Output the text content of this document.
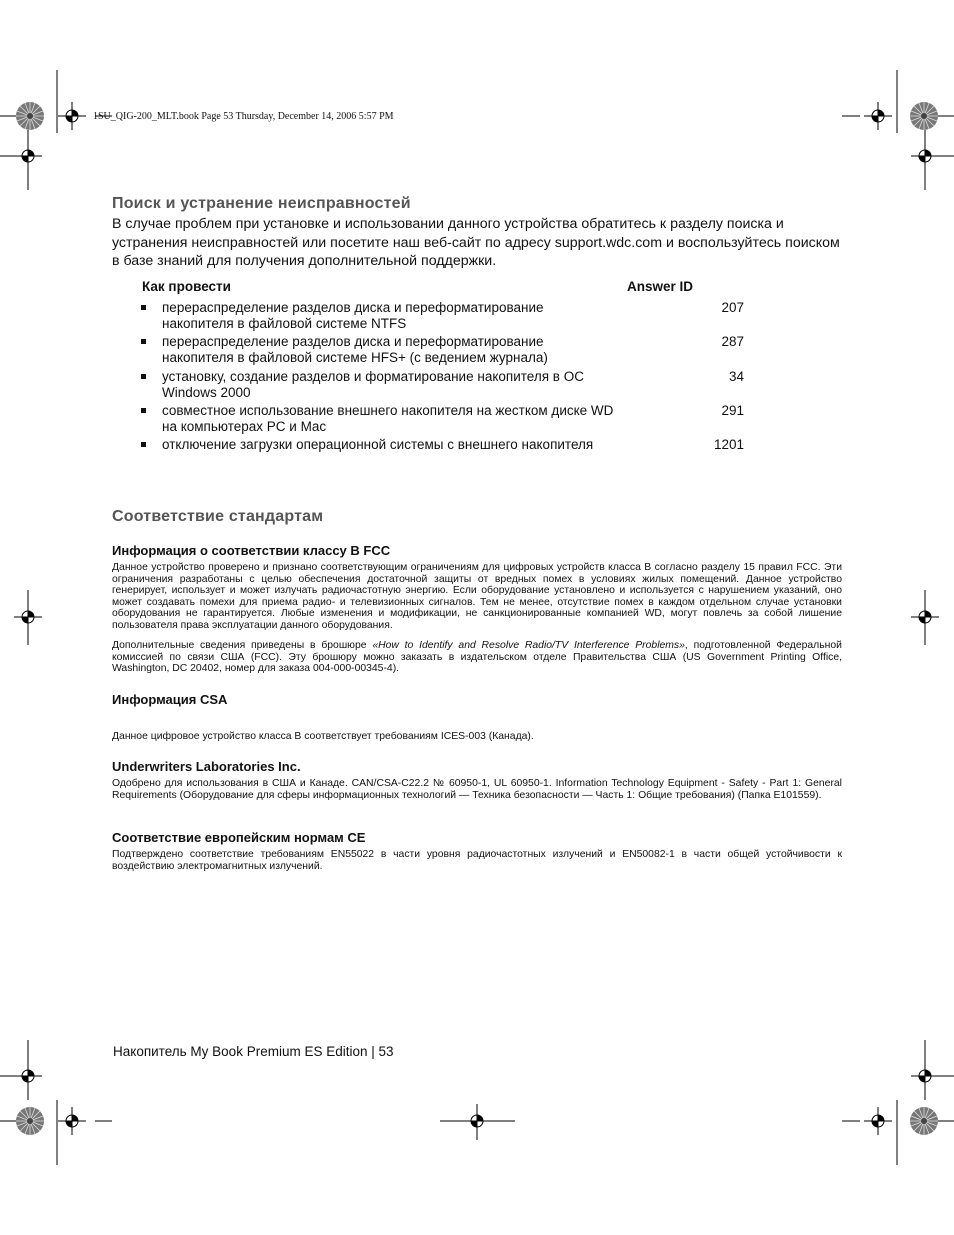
1SU_QIG-200_MLT.book Page 53 Thursday, December 14, 2006 5:57 PM
Поиск и устранение неисправностей
В случае проблем при установке и использовании данного устройства обратитесь к разделу поиска и устранения неисправностей или посетите наш веб-сайт по адресу support.wdc.com и воспользуйтесь поиском в базе знаний для получения дополнительной поддержки.
Как провести	Answer ID
перераспределение разделов диска и переформатирование накопителя в файловой системе NTFS
207
перераспределение разделов диска и переформатирование накопителя в файловой системе HFS+ (с ведением журнала)
287
установку, создание разделов и форматирование накопителя в ОС Windows 2000
34
совместное использование внешнего накопителя на жестком диске WD на компьютерах PC и Mac
291
отключение загрузки операционной системы с внешнего накопителя	1201
Соответствие стандартам
Информация о соответствии классу B FCC
Данное устройство проверено и признано соответствующим ограничениям для цифровых устройств класса B согласно разделу 15 правил FCC. Эти ограничения разработаны с целью обеспечения достаточной защиты от вредных помех в условиях жилых помещений. Данное устройство генерирует, использует и может излучать радиочастотную энергию. Если оборудование установлено и используется с нарушением указаний, оно может создавать помехи для приема радио- и телевизионных сигналов. Тем не менее, отсутствие помех в каждом отдельном случае установки оборудования не гарантируется. Любые изменения и модификации, не санкционированные компанией WD, могут повлечь за собой лишение пользователя права эксплуатации данного оборудования.
Дополнительные сведения приведены в брошюре «How to Identify and Resolve Radio/TV Interference Problems», подготовленной Федеральной комиссией по связи США (FCC). Эту брошюру можно заказать в издательском отделе Правительства США (US Government Printing Office, Washington, DC 20402, номер для заказа 004-000-00345-4).
Информация CSA
Данное цифровое устройство класса B соответствует требованиям ICES-003 (Канада).
Underwriters Laboratories Inc.
Одобрено для использования в США и Канаде. CAN/CSA-C22.2 № 60950-1, UL 60950-1. Information Technology Equipment - Safety - Part 1: General Requirements (Оборудование для сферы информационных технологий — Техника безопасности — Часть 1: Общие требования) (Папка E101559).
Соответствие европейским нормам CE
Подтверждено соответствие требованиям EN55022 в части уровня радиочастотных излучений и EN50082-1 в части общей устойчивости к воздействию электромагнитных излучений.
Накопитель My Book Premium ES Edition | 53
